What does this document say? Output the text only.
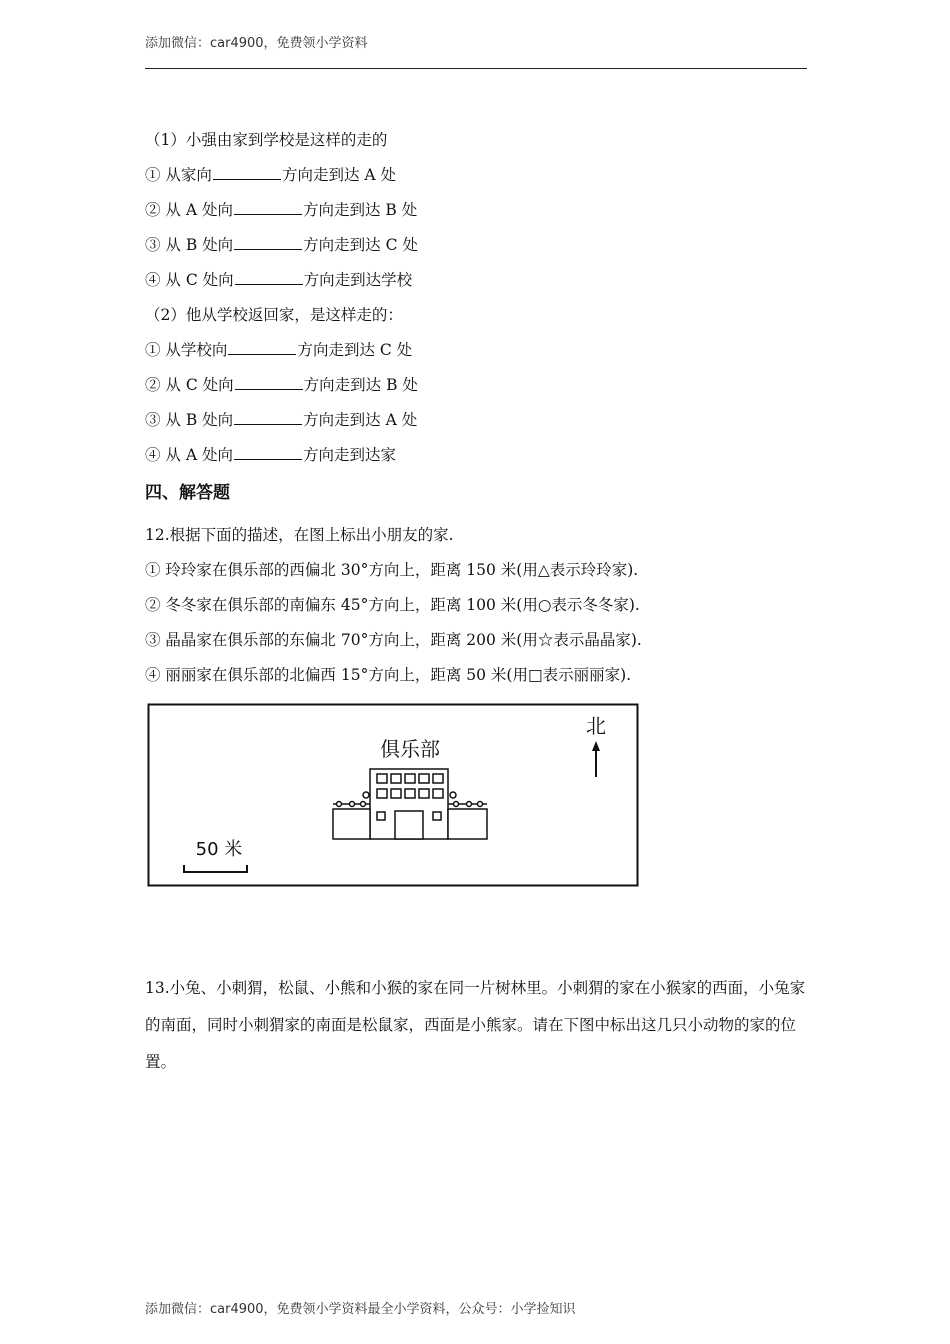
添加微信：car4900，免费领小学资料
（1）小强由家到学校是这样的走的
① 从家向	方向走到达 A 处
② 从 A 处向	方向走到达 B 处
③ 从 B 处向	方向走到达 C 处
④ 从 C 处向	方向走到达学校
（2）他从学校返回家，是这样走的：
① 从学校向	方向走到达 C 处
② 从 C 处向	方向走到达 B 处
③ 从 B 处向	方向走到达 A 处
④ 从 A 处向	方向走到达家
四、解答题
12.根据下面的描述，在图上标出小朋友的家.
① 玲玲家在俱乐部的西偏北 30°方向上，距离 150 米(用△表示玲玲家).
② 冬冬家在俱乐部的南偏东 45°方向上，距离 100 米(用○表示冬冬家).
③ 晶晶家在俱乐部的东偏北 70°方向上，距离 200 米(用☆表示晶晶家).
④ 丽丽家在俱乐部的北偏西 15°方向上，距离 50 米(用□表示丽丽家).
俱乐部
北
50 米
13.小兔、小刺猬，松鼠、小熊和小猴的家在同一片树林里。小刺猬的家在小猴家的西面，小兔家的南面，同时小刺猬家的南面是松鼠家，西面是小熊家。请在下图中标出这几只小动物的家的位置。
添加微信：car4900，免费领小学资料最全小学资料，公众号：小学捡知识
